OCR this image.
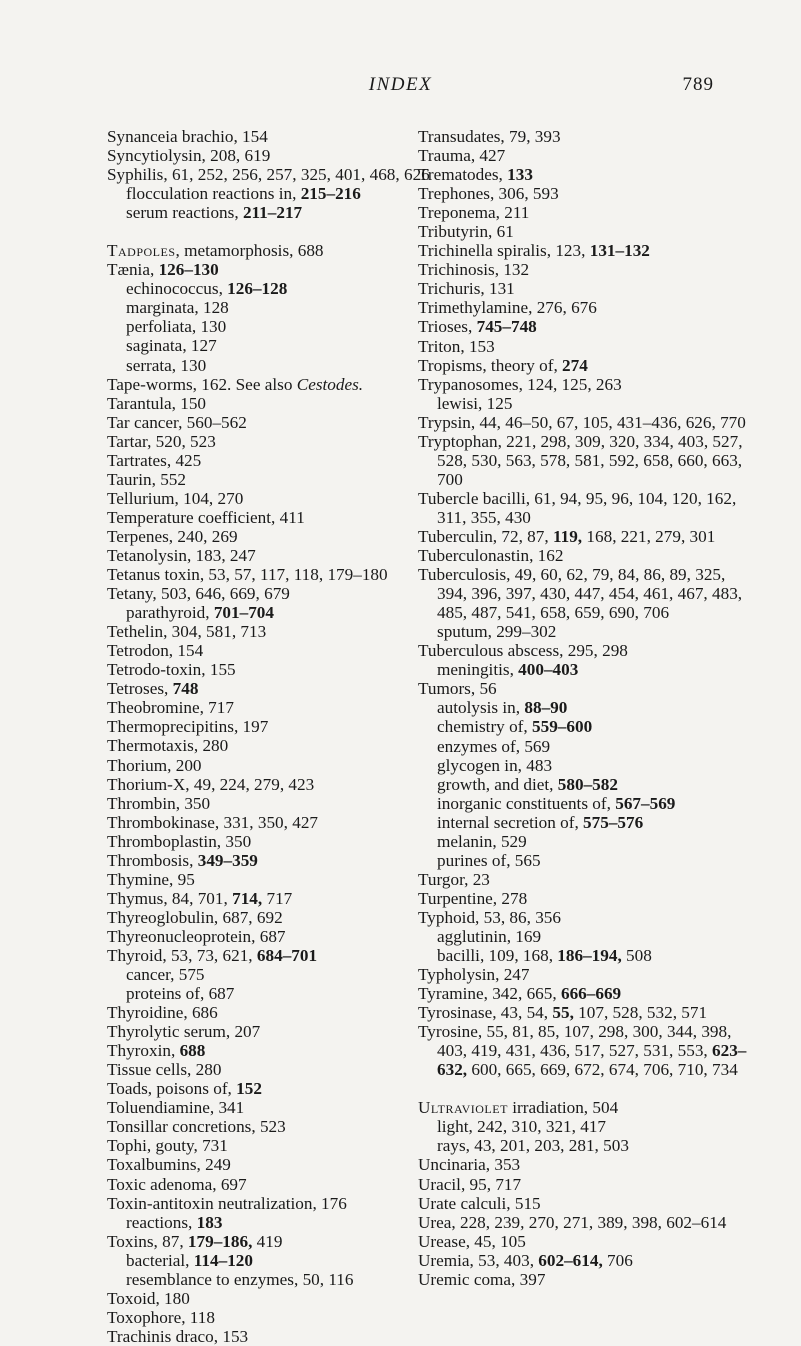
INDEX	789
Synanceia brachio, 154
Syncytiolysin, 208, 619
Syphilis, 61, 252, 256, 257, 325, 401, 468, 626
flocculation reactions in, 215–216
serum reactions, 211–217
Tadpoles, metamorphosis, 688
Tænia, 126–130
echinococcus, 126–128
marginata, 128
perfoliata, 130
saginata, 127
serrata, 130
Tape-worms, 162. See also Cestodes.
Tarantula, 150
Tar cancer, 560–562
Tartar, 520, 523
Tartrates, 425
Taurin, 552
Tellurium, 104, 270
Temperature coefficient, 411
Terpenes, 240, 269
Tetanolysin, 183, 247
Tetanus toxin, 53, 57, 117, 118, 179–180
Tetany, 503, 646, 669, 679
parathyroid, 701–704
Tethelin, 304, 581, 713
Tetrodon, 154
Tetrodo-toxin, 155
Tetroses, 748
Theobromine, 717
Thermoprecipitins, 197
Thermotaxis, 280
Thorium, 200
Thorium-X, 49, 224, 279, 423
Thrombin, 350
Thrombokinase, 331, 350, 427
Thromboplastin, 350
Thrombosis, 349–359
Thymine, 95
Thymus, 84, 701, 714, 717
Thyreoglobulin, 687, 692
Thyreonucleoprotein, 687
Thyroid, 53, 73, 621, 684–701
cancer, 575
proteins of, 687
Thyroidine, 686
Thyrolytic serum, 207
Thyroxin, 688
Tissue cells, 280
Toads, poisons of, 152
Toluendiamine, 341
Tonsillar concretions, 523
Tophi, gouty, 731
Toxalbumins, 249
Toxic adenoma, 697
Toxin-antitoxin neutralization, 176
reactions, 183
Toxins, 87, 179–186, 419
bacterial, 114–120
resemblance to enzymes, 50, 116
Toxoid, 180
Toxophore, 118
Trachinis draco, 153
Transudates, 79, 393
Trauma, 427
Trematodes, 133
Trephones, 306, 593
Treponema, 211
Tributyrin, 61
Trichinella spiralis, 123, 131–132
Trichinosis, 132
Trichuris, 131
Trimethylamine, 276, 676
Trioses, 745–748
Triton, 153
Tropisms, theory of, 274
Trypanosomes, 124, 125, 263
lewisi, 125
Trypsin, 44, 46–50, 67, 105, 431–436, 626, 770
Tryptophan, 221, 298, 309, 320, 334, 403, 527, 528, 530, 563, 578, 581, 592, 658, 660, 663, 700
Tubercle bacilli, 61, 94, 95, 96, 104, 120, 162, 311, 355, 430
Tuberculin, 72, 87, 119, 168, 221, 279, 301
Tuberculonastin, 162
Tuberculosis, 49, 60, 62, 79, 84, 86, 89, 325, 394, 396, 397, 430, 447, 454, 461, 467, 483, 485, 487, 541, 658, 659, 690, 706
sputum, 299–302
Tuberculous abscess, 295, 298
meningitis, 400–403
Tumors, 56
autolysis in, 88–90
chemistry of, 559–600
enzymes of, 569
glycogen in, 483
growth, and diet, 580–582
inorganic constituents of, 567–569
internal secretion of, 575–576
melanin, 529
purines of, 565
Turgor, 23
Turpentine, 278
Typhoid, 53, 86, 356
agglutinin, 169
bacilli, 109, 168, 186–194, 508
Typholysin, 247
Tyramine, 342, 665, 666–669
Tyrosinase, 43, 54, 55, 107, 528, 532, 571
Tyrosine, 55, 81, 85, 107, 298, 300, 344, 398, 403, 419, 431, 436, 517, 527, 531, 553, 623–632, 600, 665, 669, 672, 674, 706, 710, 734
Ultraviolet irradiation, 504
light, 242, 310, 321, 417
rays, 43, 201, 203, 281, 503
Uncinaria, 353
Uracil, 95, 717
Urate calculi, 515
Urea, 228, 239, 270, 271, 389, 398, 602–614
Urease, 45, 105
Uremia, 53, 403, 602–614, 706
Uremic coma, 397
